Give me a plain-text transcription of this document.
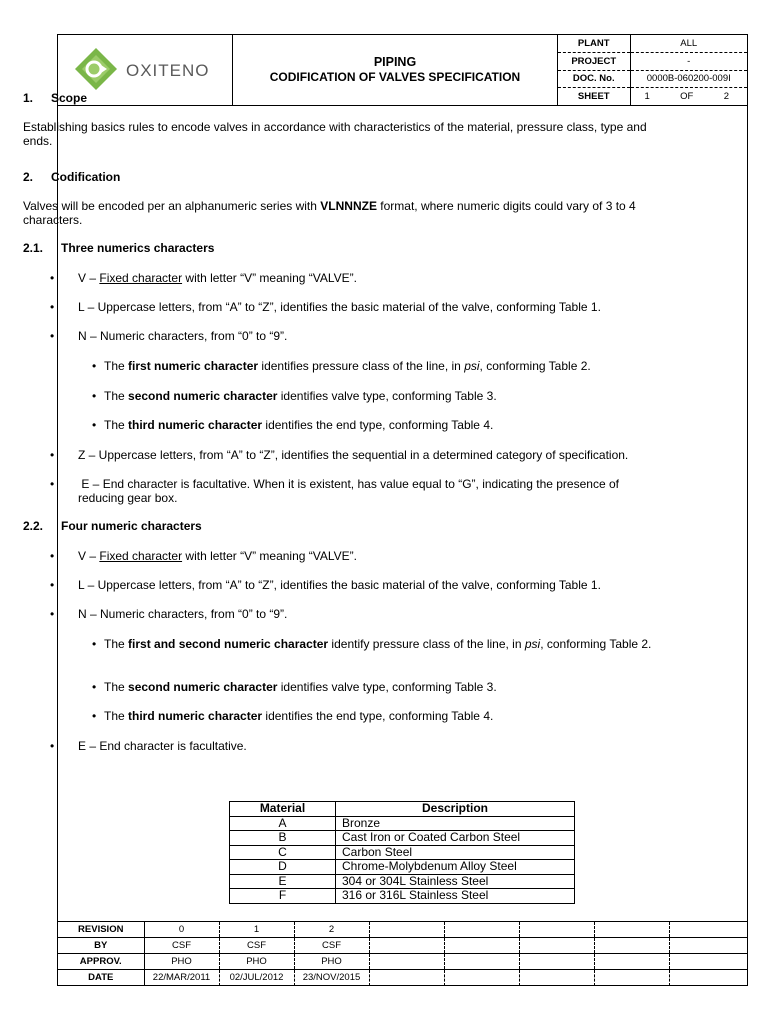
OXITENO	PIPING
CODIFICATION OF VALVES SPECIFICATION
PLANT	ALL
PROJECT	-
DOC. No.	0000B-060200-009I
SHEET	1 OF 2
1. Scope
Establishing basics rules to encode valves in accordance with characteristics of the material, pressure class, type and ends.
2. Codification
Valves will be encoded per an alphanumeric series with VLNNNZE format, where numeric digits could vary of 3 to 4 characters.
2.1. Three numerics characters
• V – Fixed character with letter “V” meaning “VALVE”.
• L – Uppercase letters, from “A” to “Z”, identifies the basic material of the valve, conforming Table 1.
• N – Numeric characters, from “0” to “9”.
• The first numeric character identifies pressure class of the line, in psi, conforming Table 2.
• The second numeric character identifies valve type, conforming Table 3.
• The third numeric character identifies the end type, conforming Table 4.
• Z – Uppercase letters, from “A” to “Z”, identifies the sequential in a determined category of specification.
• E – End character is facultative. When it is existent, has value equal to “G”, indicating the presence of reducing gear box.
2.2. Four numeric characters
• V – Fixed character with letter “V” meaning “VALVE”.
• L – Uppercase letters, from “A” to “Z”, identifies the basic material of the valve, conforming Table 1.
• N – Numeric characters, from “0” to “9”.
• The first and second numeric character identify pressure class of the line, in psi, conforming Table 2.
• The second numeric character identifies valve type, conforming Table 3.
• The third numeric character identifies the end type, conforming Table 4.
• E – End character is facultative.
Material	Description
A	Bronze
B	Cast Iron or Coated Carbon Steel
C	Carbon Steel
D	Chrome-Molybdenum Alloy Steel
E	304 or 304L Stainless Steel
F	316 or 316L Stainless Steel
REVISION	0	1	2					
BY	CSF	CSF	CSF					
APPROV.	PHO	PHO	PHO					
DATE	22/MAR/2011	02/JUL/2012	23/NOV/2015					
